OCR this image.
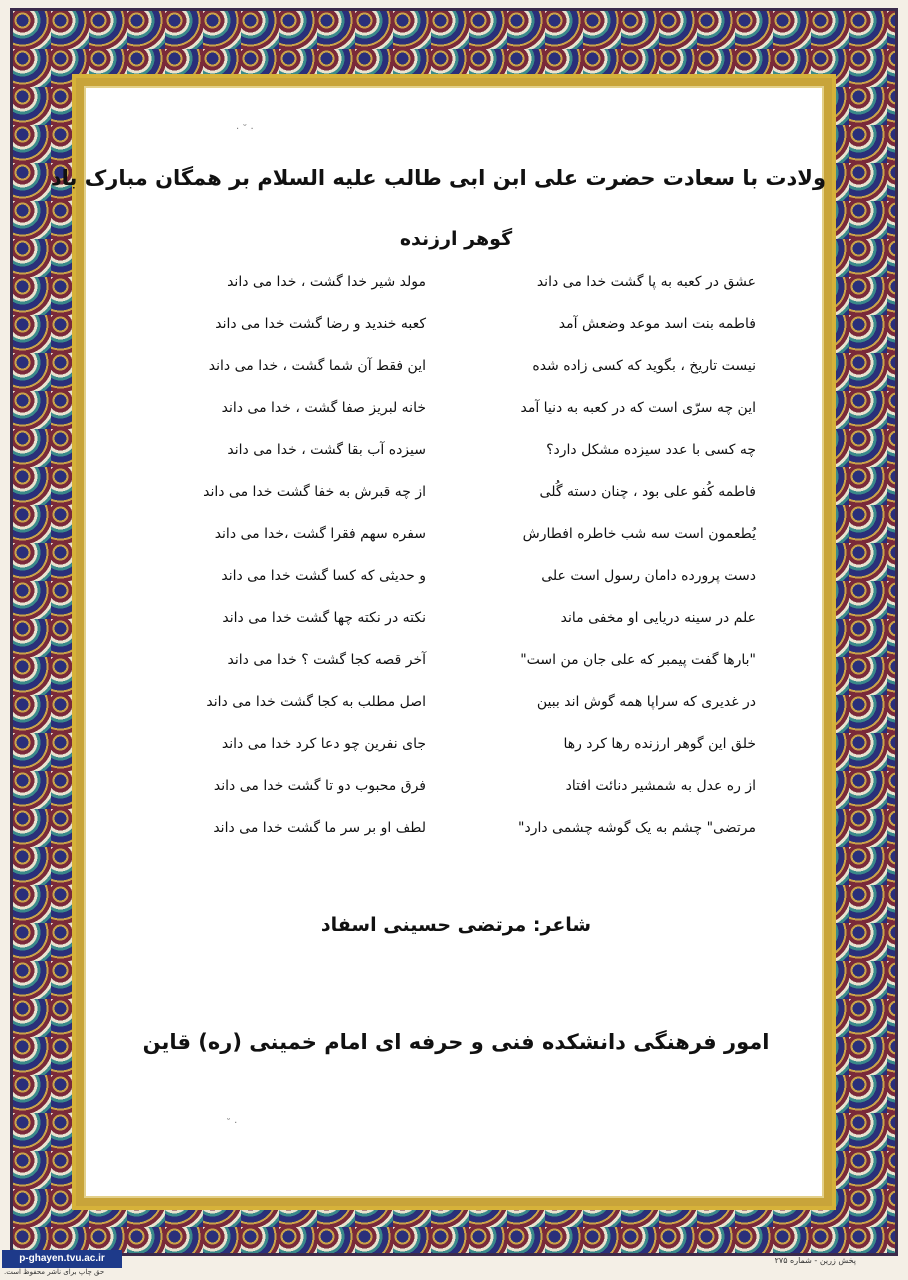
· ˘ ·
ولادت با سعادت حضرت علی ابن ابی طالب علیه السلام بر همگان مبارک باد
گوهر ارزنده
عشق در کعبه به پا گشت خدا می داند
مولد شیر خدا گشت ، خدا می داند
فاطمه بنت اسد موعد وضعش آمد
کعبه خندید و رضا گشت خدا می داند
نیست تاریخ ، بگوید که کسی زاده شده
این فقط آن شما گشت ، خدا می داند
این چه سرّی است که در کعبه به دنیا آمد
خانه لبریز صفا گشت ، خدا می داند
چه کسی با عدد سیزده مشکل دارد؟
سیزده آب بقا گشت ، خدا می داند
فاطمه کُفو علی بود ، چنان دسته گُلی
از چه قبرش به خفا گشت خدا می داند
یُطعمون است سه شب خاطره افطارش
سفره سهم فقرا گشت ،خدا می داند
دست پرورده دامان رسول است علی
و حدیثی که کسا گشت خدا می داند
علم در سینه دریایی او مخفی ماند
نکته در نکته چها گشت خدا می داند
"بارها گفت پیمبر که علی جان من است"
آخر قصه کجا گشت ؟ خدا می داند
در غدیری که سراپا همه گوش اند ببین
اصل مطلب به کجا گشت خدا می داند
خلق این گوهر ارزنده رها کرد رها
جای نفرین چو دعا کرد خدا می داند
از ره عدل به شمشیر دنائت افتاد
فرق محبوب دو تا گشت خدا می داند
مرتضی" چشم به یک گوشه چشمی دارد"
لطف او بر سر ما گشت خدا می داند
شاعر: مرتضی حسینی اسفاد
امور فرهنگی دانشکده فنی و حرفه ای امام خمینی (ره) قاین
˘ ·
p-ghayen.tvu.ac.ir
حق چاپ برای ناشر محفوظ است.
پخش زرین - شماره ۲۷۵
